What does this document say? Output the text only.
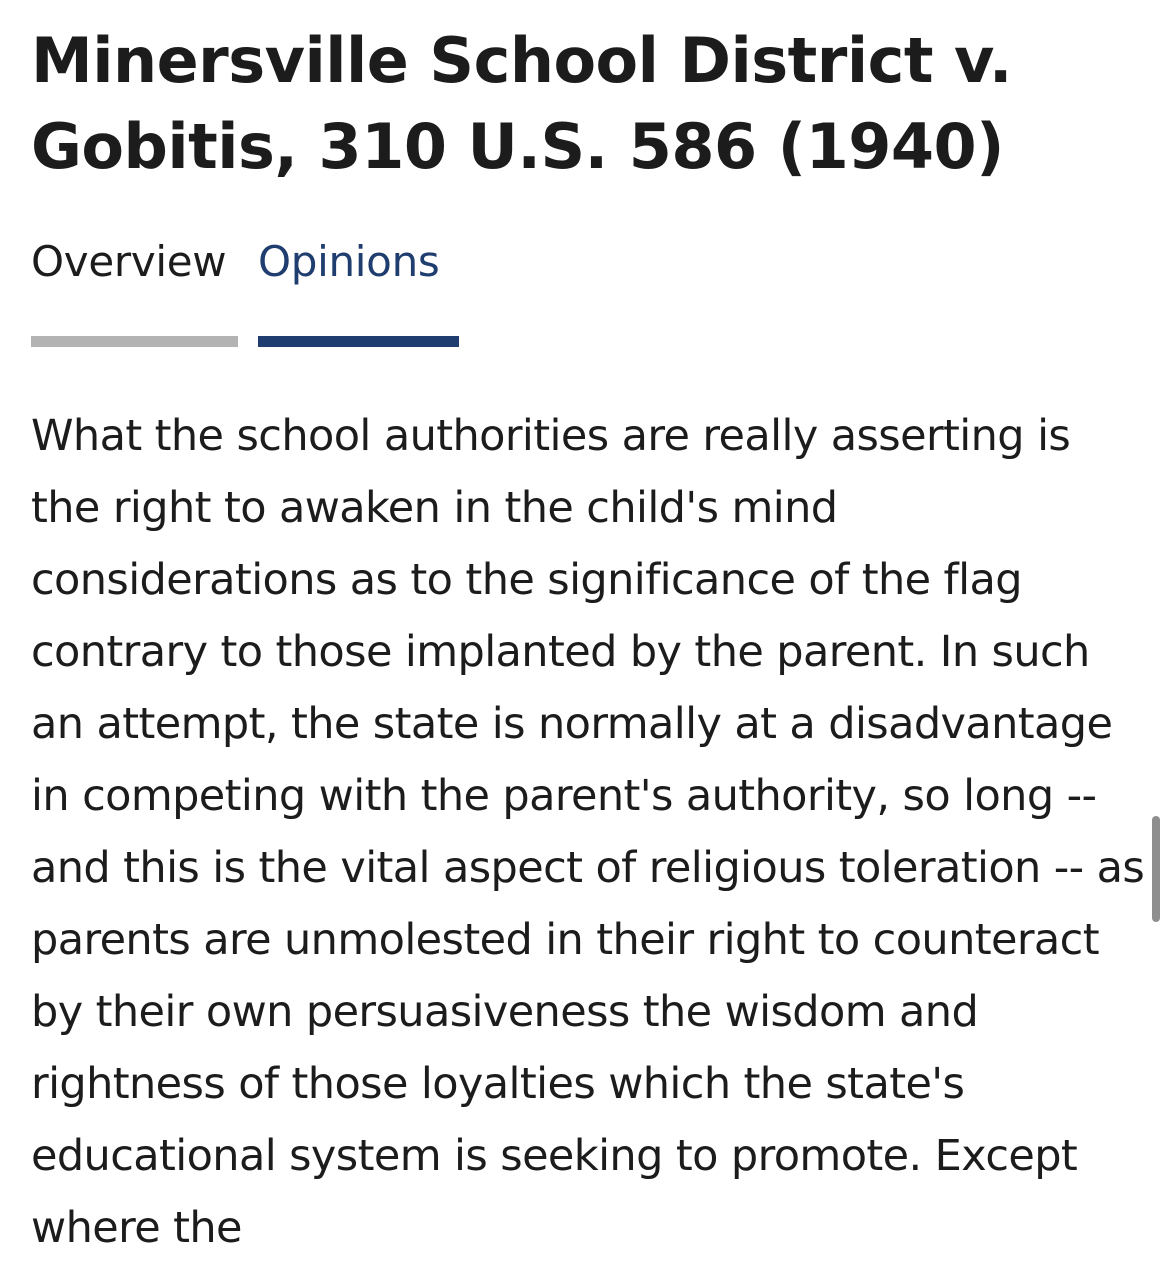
Minersville School District v. Gobitis, 310 U.S. 586 (1940)
Overview Opinions

What the school authorities are really asserting is the right to awaken in the child's mind considerations as to the significance of the flag contrary to those implanted by the parent. In such an attempt, the state is normally at a disadvantage in competing with the parent's authority, so long -- and this is the vital aspect of religious toleration -- as parents are unmolested in their right to counteract by their own persuasiveness the wisdom and rightness of those loyalties which the state's educational system is seeking to promote. Except where the
